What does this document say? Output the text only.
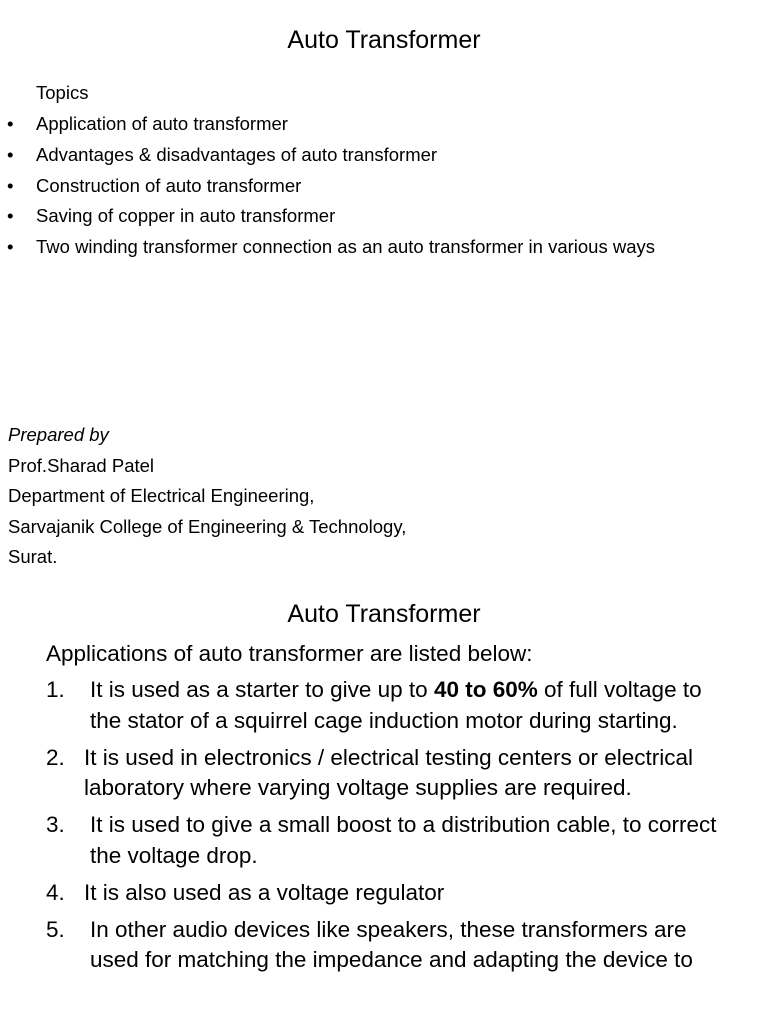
Auto Transformer
Topics
• Application of auto transformer
• Advantages & disadvantages of auto transformer
• Construction of auto transformer
• Saving of copper in auto transformer
• Two winding transformer connection as an auto transformer in various ways
Prepared by
Prof.Sharad Patel
Department of Electrical Engineering,
Sarvajanik College of Engineering & Technology,
Surat.
Auto Transformer
Applications of auto transformer are listed below:
1. It is used as a starter to give up to 40 to 60% of full voltage to the stator of a squirrel cage induction motor during starting.
2. It is used in electronics / electrical testing centers or electrical laboratory where varying voltage supplies are required.
3. It is used to give a small boost to a distribution cable, to correct the voltage drop.
4. It is also used as a voltage regulator
5. In other audio devices like speakers, these transformers are used for matching the impedance and adapting the device to
